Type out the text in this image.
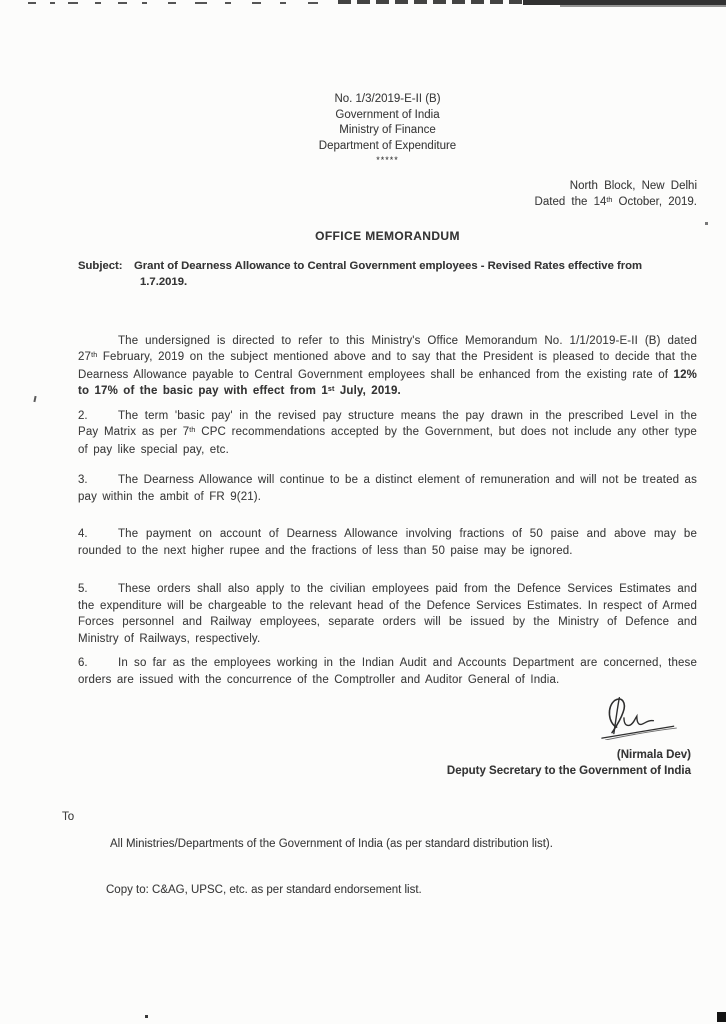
No. 1/3/2019-E-II (B)
Government of India
Ministry of Finance
Department of Expenditure
*****
North Block, New Delhi
Dated the 14th October, 2019.
OFFICE MEMORANDUM
Subject:	Grant of Dearness Allowance to Central Government employees - Revised Rates effective from
1.7.2019.
The undersigned is directed to refer to this Ministry's Office Memorandum No. 1/1/2019-E-II (B) dated 27th February, 2019 on the subject mentioned above and to say that the President is pleased to decide that the Dearness Allowance payable to Central Government employees shall be enhanced from the existing rate of 12% to 17% of the basic pay with effect from 1st July, 2019.
2.	The term 'basic pay' in the revised pay structure means the pay drawn in the prescribed Level in the Pay Matrix as per 7th CPC recommendations accepted by the Government, but does not include any other type of pay like special pay, etc.
3.	The Dearness Allowance will continue to be a distinct element of remuneration and will not be treated as pay within the ambit of FR 9(21).
4.	The payment on account of Dearness Allowance involving fractions of 50 paise and above may be rounded to the next higher rupee and the fractions of less than 50 paise may be ignored.
5.	These orders shall also apply to the civilian employees paid from the Defence Services Estimates and the expenditure will be chargeable to the relevant head of the Defence Services Estimates. In respect of Armed Forces personnel and Railway employees, separate orders will be issued by the Ministry of Defence and Ministry of Railways, respectively.
6.	In so far as the employees working in the Indian Audit and Accounts Department are concerned, these orders are issued with the concurrence of the Comptroller and Auditor General of India.
(Nirmala Dev)
Deputy Secretary to the Government of India
To
All Ministries/Departments of the Government of India (as per standard distribution list).
Copy to: C&AG, UPSC, etc. as per standard endorsement list.
